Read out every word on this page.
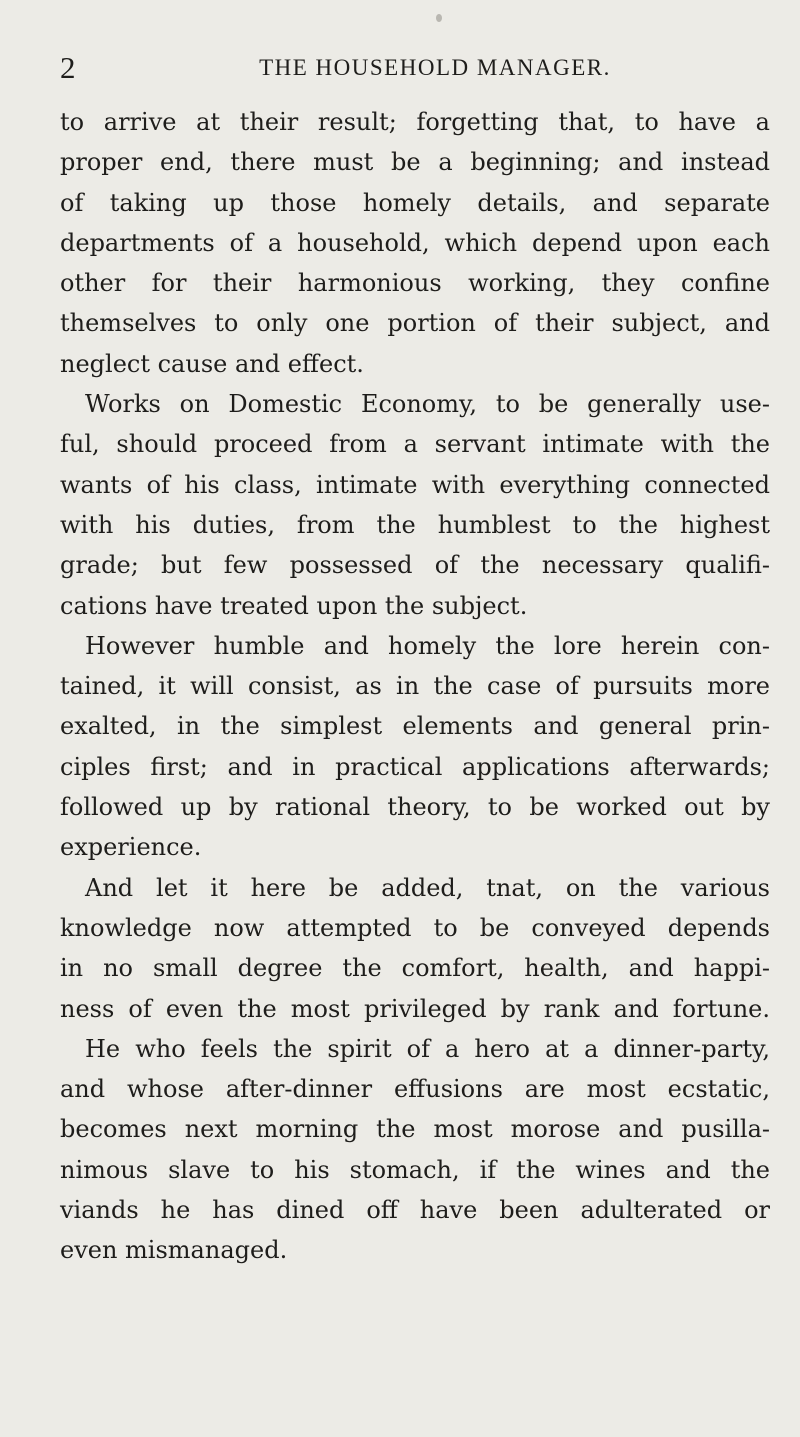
2	THE HOUSEHOLD MANAGER.
to arrive at their result; forgetting that, to have a
proper end, there must be a beginning; and instead
of taking up those homely details, and separate
departments of a household, which depend upon each
other for their harmonious working, they confine
themselves to only one portion of their subject, and
neglect cause and effect.
Works on Domestic Economy, to be generally use-
ful, should proceed from a servant intimate with the
wants of his class, intimate with everything connected
with his duties, from the humblest to the highest
grade; but few possessed of the necessary qualifi-
cations have treated upon the subject.
However humble and homely the lore herein con-
tained, it will consist, as in the case of pursuits more
exalted, in the simplest elements and general prin-
ciples first; and in practical applications afterwards;
followed up by rational theory, to be worked out by
experience.
And let it here be added, tnat, on the various
knowledge now attempted to be conveyed depends
in no small degree the comfort, health, and happi-
ness of even the most privileged by rank and fortune.
He who feels the spirit of a hero at a dinner-party,
and whose after-dinner effusions are most ecstatic,
becomes next morning the most morose and pusilla-
nimous slave to his stomach, if the wines and the
viands he has dined off have been adulterated or
even mismanaged.
